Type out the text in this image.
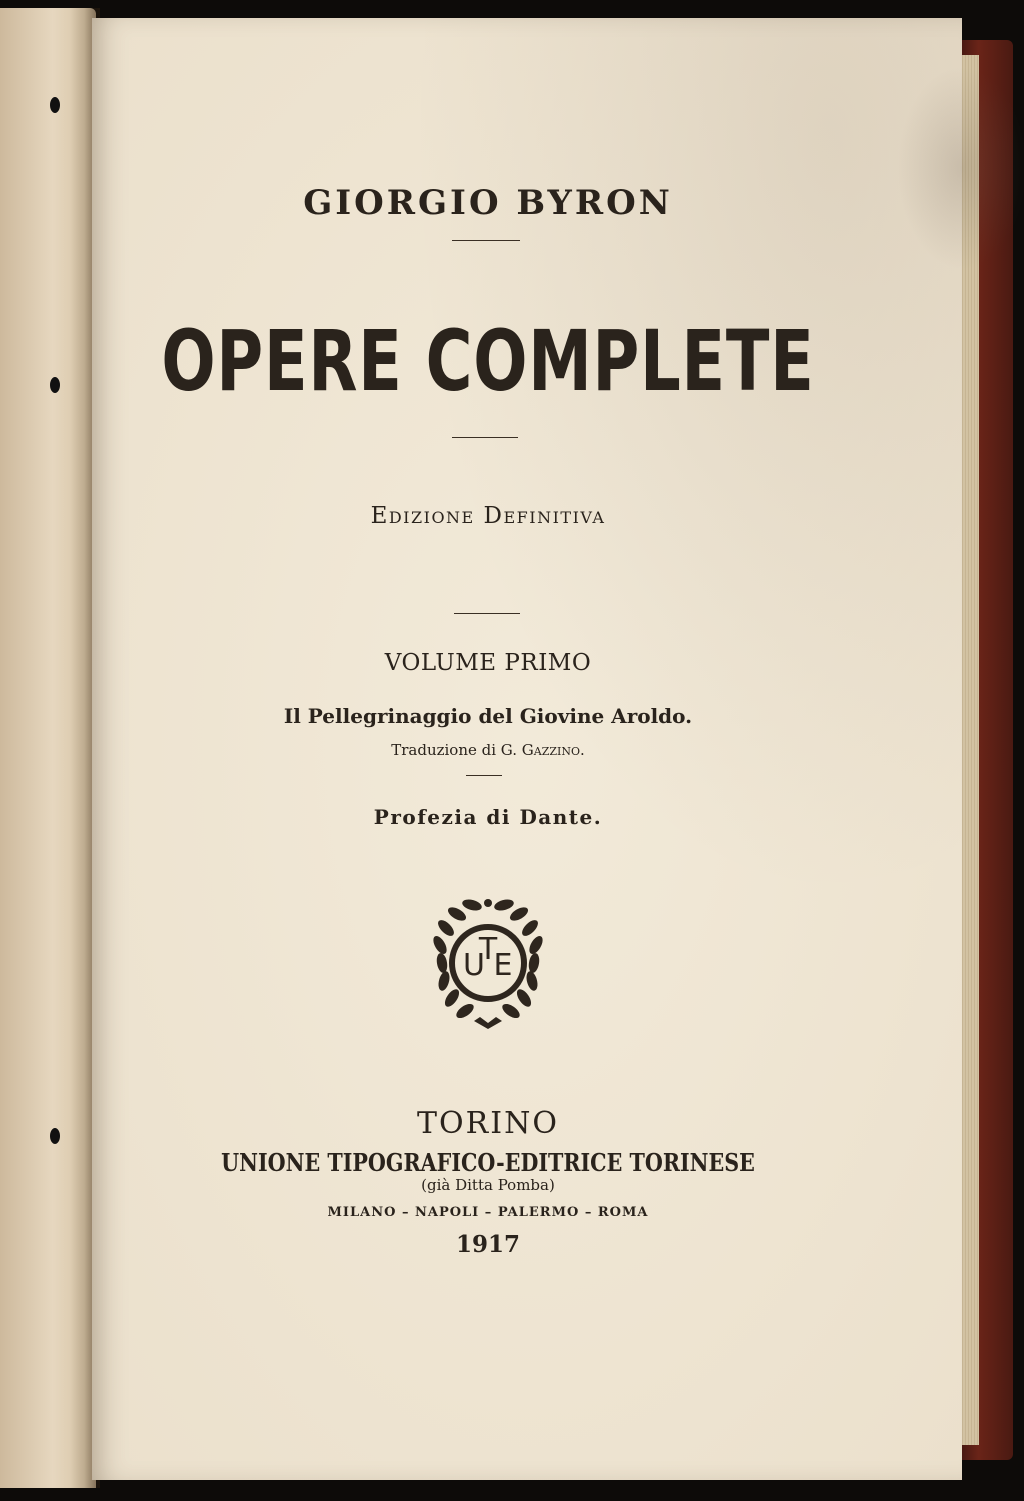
GIORGIO BYRON
OPERE COMPLETE
Edizione Definitiva
VOLUME PRIMO
Il Pellegrinaggio del Giovine Aroldo.
Traduzione di G. Gazzino.
Profezia di Dante.
U
T
E
TORINO
UNIONE TIPOGRAFICO-EDITRICE TORINESE
(già Ditta Pomba)
MILANO – NAPOLI – PALERMO – ROMA
1917
